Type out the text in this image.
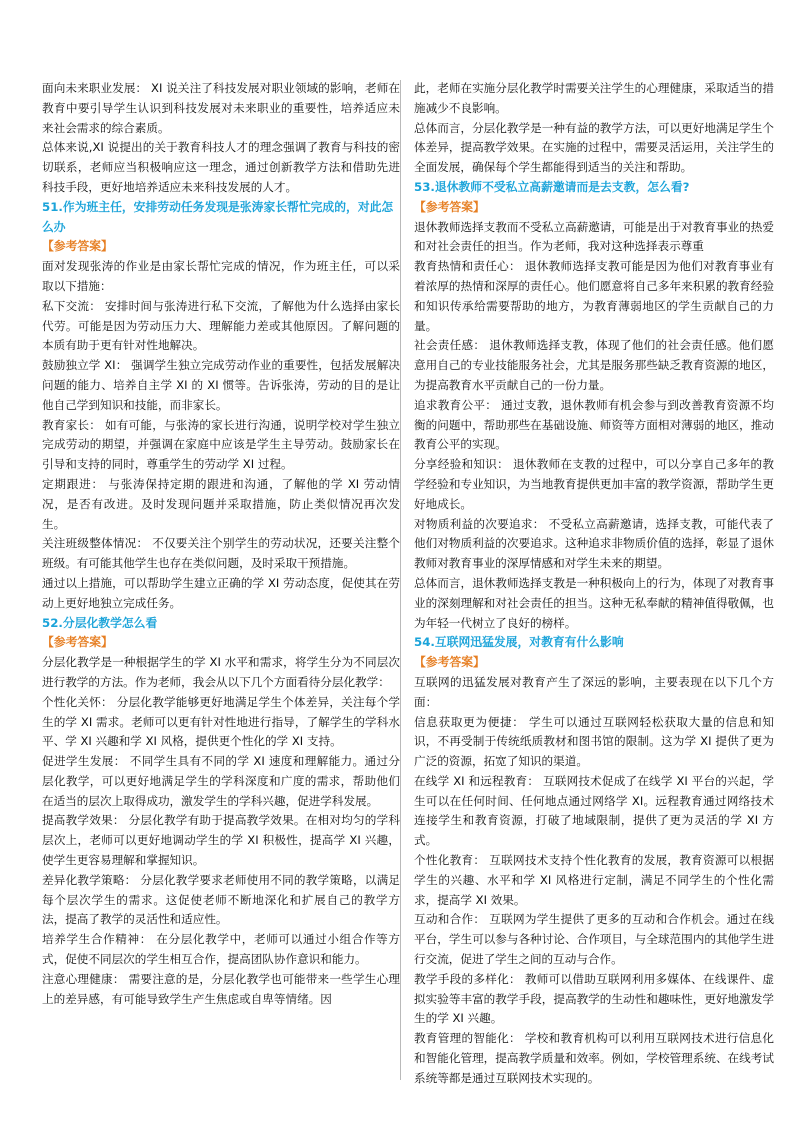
面向未来职业发展： XI 说关注了科技发展对职业领域的影响，老师在教育中要引导学生认识到科技发展对未来职业的重要性，培养适应未来社会需求的综合素质。

总体来说,XI 说提出的关于教育科技人才的理念强调了教育与科技的密切联系，老师应当积极响应这一理念，通过创新教学方法和借助先进科技手段，更好地培养适应未来科技发展的人才。

51.作为班主任，安排劳动任务发现是张涛家长帮忙完成的，对此怎么办

【参考答案】

面对发现张涛的作业是由家长帮忙完成的情况，作为班主任，可以采取以下措施：

私下交流： 安排时间与张涛进行私下交流，了解他为什么选择由家长代劳。可能是因为劳动压力大、理解能力差或其他原因。了解问题的本质有助于更有针对性地解决。

鼓励独立学 XI： 强调学生独立完成劳动作业的重要性，包括发展解决问题的能力、培养自主学 XI 的 XI 惯等。告诉张涛，劳动的目的是让他自己学到知识和技能，而非家长。

教育家长： 如有可能，与张涛的家长进行沟通，说明学校对学生独立完成劳动的期望，并强调在家庭中应该是学生主导劳动。鼓励家长在引导和支持的同时，尊重学生的劳动学 XI 过程。

定期跟进： 与张涛保持定期的跟进和沟通，了解他的学 XI 劳动情况，是否有改进。及时发现问题并采取措施，防止类似情况再次发生。

关注班级整体情况： 不仅要关注个别学生的劳动状况，还要关注整个班级。有可能其他学生也存在类似问题，及时采取干预措施。

通过以上措施，可以帮助学生建立正确的学 XI 劳动态度，促使其在劳动上更好地独立完成任务。

52.分层化教学怎么看

【参考答案】

分层化教学是一种根据学生的学 XI 水平和需求，将学生分为不同层次进行教学的方法。作为老师，我会从以下几个方面看待分层化教学：

个性化关怀： 分层化教学能够更好地满足学生个体差异，关注每个学生的学 XI 需求。老师可以更有针对性地进行指导，了解学生的学科水平、学 XI 兴趣和学 XI 风格，提供更个性化的学 XI 支持。

促进学生发展： 不同学生具有不同的学 XI 速度和理解能力。通过分层化教学，可以更好地满足学生的学科深度和广度的需求，帮助他们在适当的层次上取得成功，激发学生的学科兴趣，促进学科发展。

提高教学效果： 分层化教学有助于提高教学效果。在相对均匀的学科层次上，老师可以更好地调动学生的学 XI 积极性，提高学 XI 兴趣，使学生更容易理解和掌握知识。

差异化教学策略： 分层化教学要求老师使用不同的教学策略，以满足每个层次学生的需求。这促使老师不断地深化和扩展自己的教学方法，提高了教学的灵活性和适应性。

培养学生合作精神： 在分层化教学中，老师可以通过小组合作等方式，促使不同层次的学生相互合作，提高团队协作意识和能力。

注意心理健康： 需要注意的是，分层化教学也可能带来一些学生心理上的差异感，有可能导致学生产生焦虑或自卑等情绪。因

此，老师在实施分层化教学时需要关注学生的心理健康，采取适当的措施减少不良影响。

总体而言，分层化教学是一种有益的教学方法，可以更好地满足学生个体差异，提高教学效果。在实施的过程中，需要灵活运用，关注学生的全面发展，确保每个学生都能得到适当的关注和帮助。

53.退休教师不受私立高薪邀请而是去支教，怎么看?

【参考答案】

退休教师选择支教而不受私立高薪邀请，可能是出于对教育事业的热爱和对社会责任的担当。作为老师，我对这种选择表示尊重

教育热情和责任心： 退休教师选择支教可能是因为他们对教育事业有着浓厚的热情和深厚的责任心。他们愿意将自己多年来积累的教育经验和知识传承给需要帮助的地方，为教育薄弱地区的学生贡献自己的力量。

社会责任感： 退休教师选择支教，体现了他们的社会责任感。他们愿意用自己的专业技能服务社会，尤其是服务那些缺乏教育资源的地区，为提高教育水平贡献自己的一份力量。

追求教育公平： 通过支教，退休教师有机会参与到改善教育资源不均衡的问题中，帮助那些在基础设施、师资等方面相对薄弱的地区，推动教育公平的实现。

分享经验和知识： 退休教师在支教的过程中，可以分享自己多年的教学经验和专业知识，为当地教育提供更加丰富的教学资源，帮助学生更好地成长。

对物质利益的次要追求： 不受私立高薪邀请，选择支教，可能代表了他们对物质利益的次要追求。这种追求非物质价值的选择，彰显了退休教师对教育事业的深厚情感和对学生未来的期望。

总体而言，退休教师选择支教是一种积极向上的行为，体现了对教育事业的深刻理解和对社会责任的担当。这种无私奉献的精神值得敬佩，也为年轻一代树立了良好的榜样。

54.互联网迅猛发展，对教育有什么影响

【参考答案】

互联网的迅猛发展对教育产生了深远的影响，主要表现在以下几个方面：

信息获取更为便捷： 学生可以通过互联网轻松获取大量的信息和知识，不再受制于传统纸质教材和图书馆的限制。这为学 XI 提供了更为广泛的资源，拓宽了知识的渠道。

在线学 XI 和远程教育： 互联网技术促成了在线学 XI 平台的兴起，学生可以在任何时间、任何地点通过网络学 XI。远程教育通过网络技术连接学生和教育资源，打破了地域限制，提供了更为灵活的学 XI 方式。

个性化教育： 互联网技术支持个性化教育的发展，教育资源可以根据学生的兴趣、水平和学 XI 风格进行定制，满足不同学生的个性化需求，提高学 XI 效果。

互动和合作： 互联网为学生提供了更多的互动和合作机会。通过在线平台，学生可以参与各种讨论、合作项目，与全球范围内的其他学生进行交流，促进了学生之间的互动与合作。

教学手段的多样化： 教师可以借助互联网利用多媒体、在线课件、虚拟实验等丰富的教学手段，提高教学的生动性和趣味性，更好地激发学生的学 XI 兴趣。

教育管理的智能化： 学校和教育机构可以利用互联网技术进行信息化和智能化管理，提高教学质量和效率。例如，学校管理系统、在线考试系统等都是通过互联网技术实现的。
